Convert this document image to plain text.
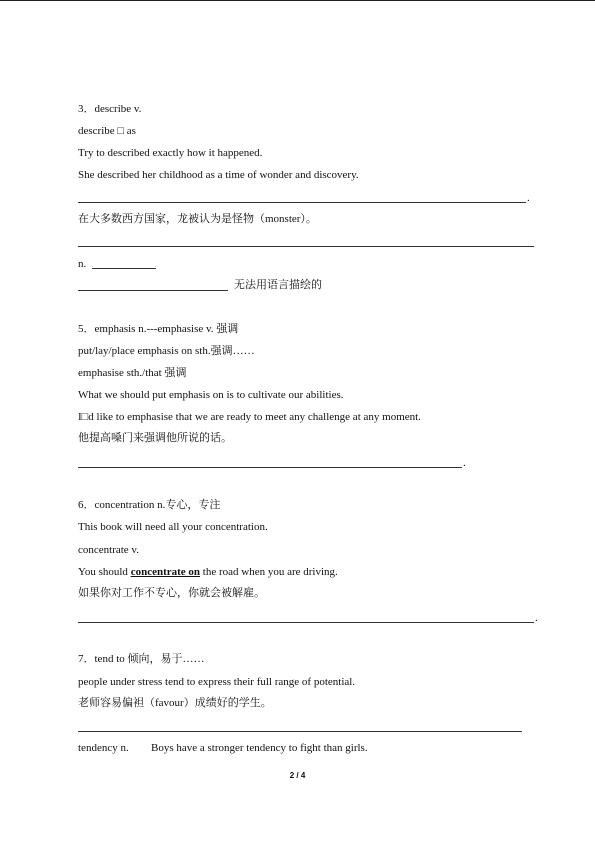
3．describe v.
describe □ as
Try to described exactly how it happened.
She described her childhood as a time of wonder and discovery.
.
在大多数西方国家，龙被认为是怪物（monster）。
n.
无法用语言描绘的
5．emphasis n.---emphasise v. 强调
put/lay/place emphasis on sth.强调……
emphasise sth./that 强调
What we should put emphasis on is to cultivate our abilities.
I□d like to emphasise that we are ready to meet any challenge at any moment.
他提高嗓门来强调他所说的话。
.
6．concentration n.专心，专注
This book will need all your concentration.
concentrate v.
You should concentrate on the road when you are driving.
如果你对工作不专心，你就会被解雇。
.
7．tend to 倾向，易于……
people under stress tend to express their full range of potential.
老师容易偏袒（favour）成绩好的学生。
tendency n. Boys have a stronger tendency to fight than girls.
2 / 4
